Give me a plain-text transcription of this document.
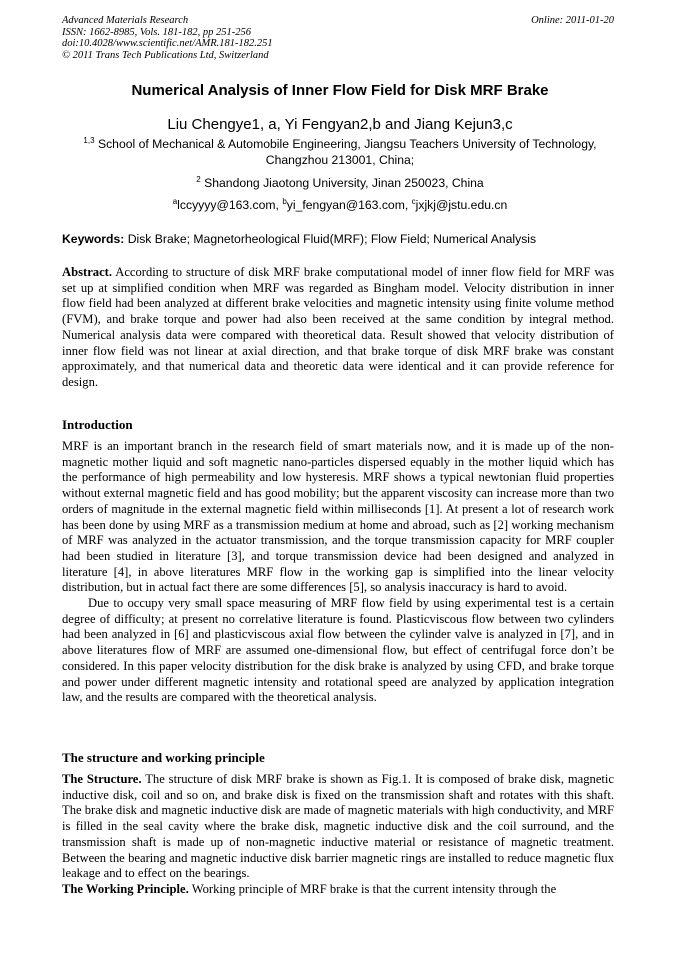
Advanced Materials Research
ISSN: 1662-8985, Vols. 181-182, pp 251-256
doi:10.4028/www.scientific.net/AMR.181-182.251
© 2011 Trans Tech Publications Ltd, Switzerland
Online: 2011-01-20
Numerical Analysis of Inner Flow Field for Disk MRF Brake
Liu Chengye1, a, Yi Fengyan2,b and Jiang Kejun3,c
$^{1,3}$ School of Mechanical & Automobile Engineering, Jiangsu Teachers University of Technology,
Changzhou 213001, China;
$^2$ Shandong Jiaotong University, Jinan 250023, China
$^a$lccyyyy@163.com, $^b$yi_fengyan@163.com, $^c$jxjkj@jstu.edu.cn
Keywords: Disk Brake; Magnetorheological Fluid(MRF); Flow Field; Numerical Analysis

Abstract. According to structure of disk MRF brake computational model of inner flow field for MRF was set up at simplified condition when MRF was regarded as Bingham model. Velocity distribution in inner flow field had been analyzed at different brake velocities and magnetic intensity using finite volume method (FVM), and brake torque and power had also been received at the same condition by integral method. Numerical analysis data were compared with theoretical data. Result showed that velocity distribution of inner flow field was not linear at axial direction, and that brake torque of disk MRF brake was constant approximately, and that numerical data and theoretic data were identical and it can provide reference for design.

Introduction

MRF is an important branch in the research field of smart materials now, and it is made up of the non-magnetic mother liquid and soft magnetic nano-particles dispersed equably in the mother liquid which has the performance of high permeability and low hysteresis. MRF shows a typical newtonian fluid properties without external magnetic field and has good mobility; but the apparent viscosity can increase more than two orders of magnitude in the external magnetic field within milliseconds [1]. At present a lot of research work has been done by using MRF as a transmission medium at home and abroad, such as [2] working mechanism of MRF was analyzed in the actuator transmission, and the torque transmission capacity for MRF coupler had been studied in literature [3], and torque transmission device had been designed and analyzed in literature [4], in above literatures MRF flow in the working gap is simplified into the linear velocity distribution, but in actual fact there are some differences [5], so analysis inaccuracy is hard to avoid.

Due to occupy very small space measuring of MRF flow field by using experimental test is a certain degree of difficulty; at present no correlative literature is found. Plasticviscous flow between two cylinders had been analyzed in [6] and plasticviscous axial flow between the cylinder valve is analyzed in [7], and in above literatures flow of MRF are assumed one-dimensional flow, but effect of centrifugal force don’t be considered. In this paper velocity distribution for the disk brake is analyzed by using CFD, and brake torque and power under different magnetic intensity and rotational speed are analyzed by application integration law, and the results are compared with the theoretical analysis.

The structure and working principle

The Structure. The structure of disk MRF brake is shown as Fig.1. It is composed of brake disk, magnetic inductive disk, coil and so on, and brake disk is fixed on the transmission shaft and rotates with this shaft. The brake disk and magnetic inductive disk are made of magnetic materials with high conductivity, and MRF is filled in the seal cavity where the brake disk, magnetic inductive disk and the coil surround, and the transmission shaft is made up of non-magnetic inductive material or resistance of magnetic treatment. Between the bearing and magnetic inductive disk barrier magnetic rings are installed to reduce magnetic flux leakage and to effect on the bearings.

The Working Principle. Working principle of MRF brake is that the current intensity through the
